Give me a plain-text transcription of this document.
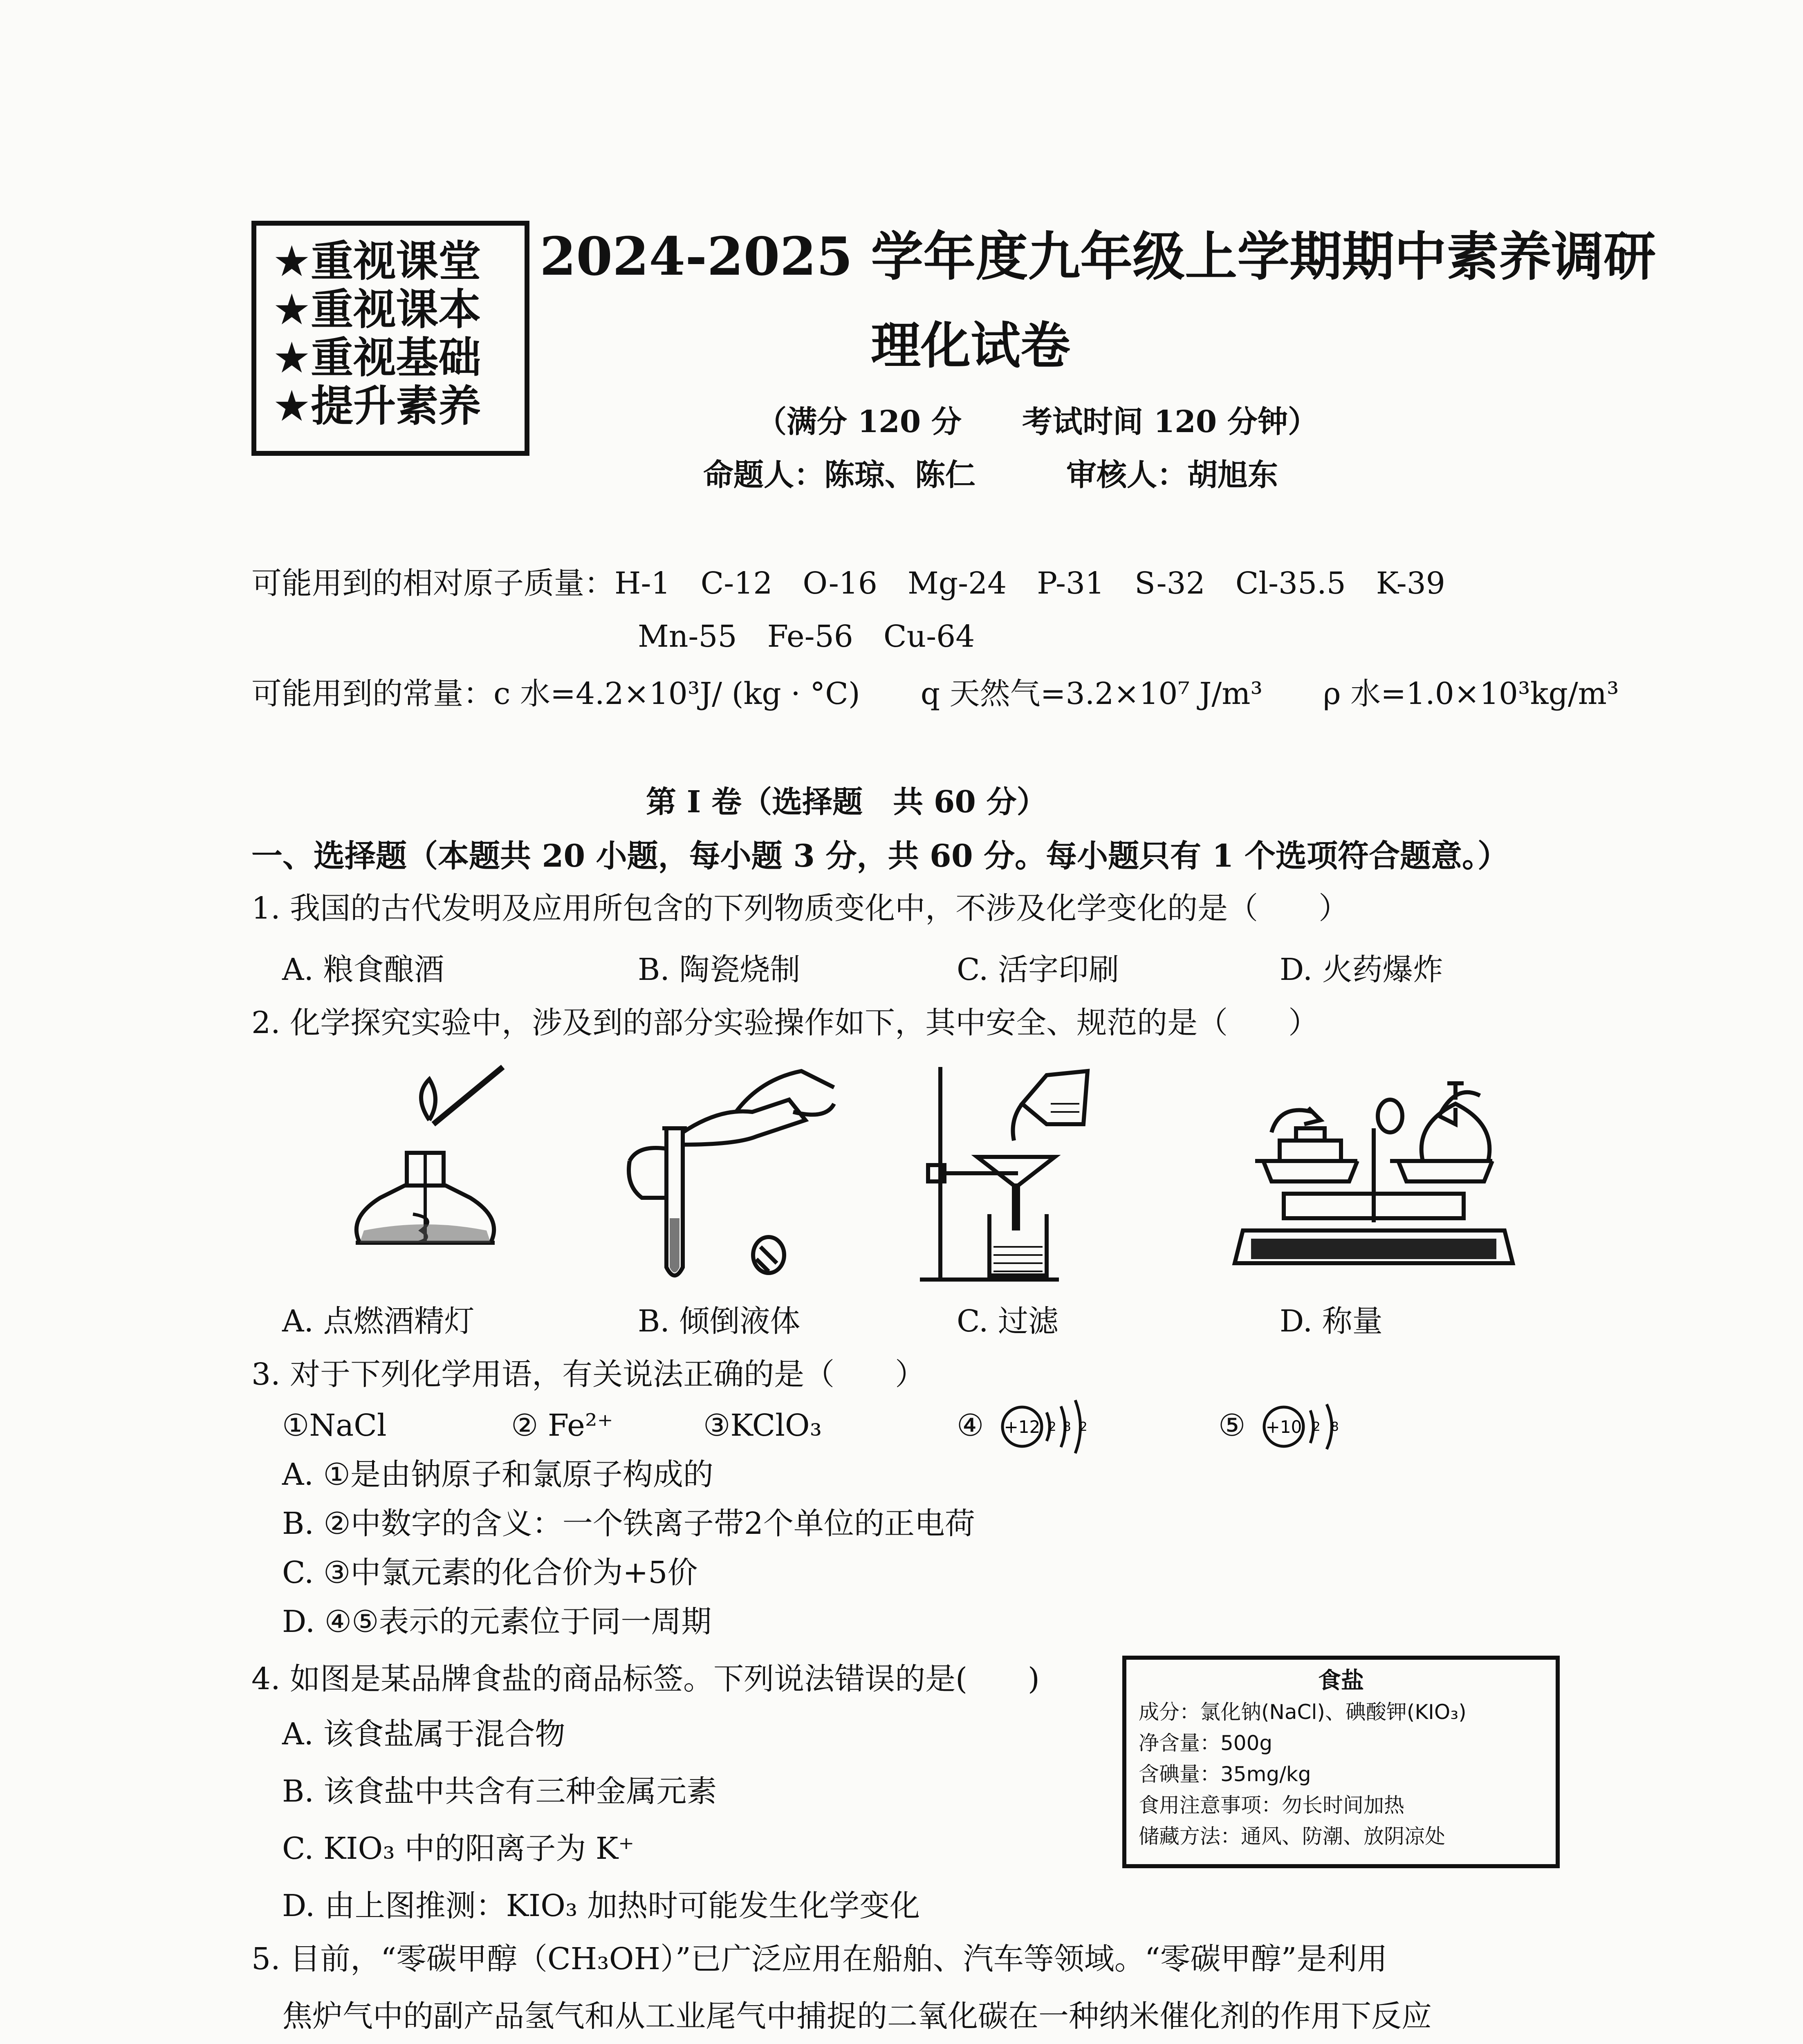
★重视课堂
★重视课本
★重视基础
★提升素养
2024-2025 学年度九年级上学期期中素养调研
理化试卷
（满分 120 分　　考试时间 120 分钟）
命题人：陈琼、陈仁　　　审核人：胡旭东
可能用到的相对原子质量：H-1　C-12　O-16　Mg-24　P-31　S-32　Cl-35.5　K-39
Mn-55　Fe-56　Cu-64
可能用到的常量：c 水=4.2×10³J/ (kg · °C)　　q 天然气=3.2×10⁷ J/m³　　ρ 水=1.0×10³kg/m³
第 I 卷（选择题　共 60 分）
一、选择题（本题共 20 小题，每小题 3 分，共 60 分。每小题只有 1 个选项符合题意。）
1. 我国的古代发明及应用所包含的下列物质变化中，不涉及化学变化的是（　　）
A. 粮食酿酒	B. 陶瓷烧制	C. 活字印刷	D. 火药爆炸
2. 化学探究实验中，涉及到的部分实验操作如下，其中安全、规范的是（　　）
A. 点燃酒精灯	B. 倾倒液体	C. 过滤	D. 称量
3. 对于下列化学用语，有关说法正确的是（　　）
①NaCl	② Fe²⁺	③KClO₃	④	⑤
+12 2 8 2	+10 2 8
A. ①是由钠原子和氯原子构成的
B. ②中数字的含义：一个铁离子带2个单位的正电荷
C. ③中氯元素的化合价为+5价
D. ④⑤表示的元素位于同一周期
4. 如图是某品牌食盐的商品标签。下列说法错误的是(　　)
A. 该食盐属于混合物
B. 该食盐中共含有三种金属元素
C. KIO₃ 中的阳离子为 K⁺
D. 由上图推测：KIO₃ 加热时可能发生化学变化
食盐
成分：氯化钠(NaCl)、碘酸钾(KIO₃)
净含量：500g
含碘量：35mg/kg
食用注意事项：勿长时间加热
储藏方法：通风、防潮、放阴凉处
5. 目前，“零碳甲醇（CH₃OH）”已广泛应用在船舶、汽车等领域。“零碳甲醇”是利用
焦炉气中的副产品氢气和从工业尾气中捕捉的二氧化碳在一种纳米催化剂的作用下反应
